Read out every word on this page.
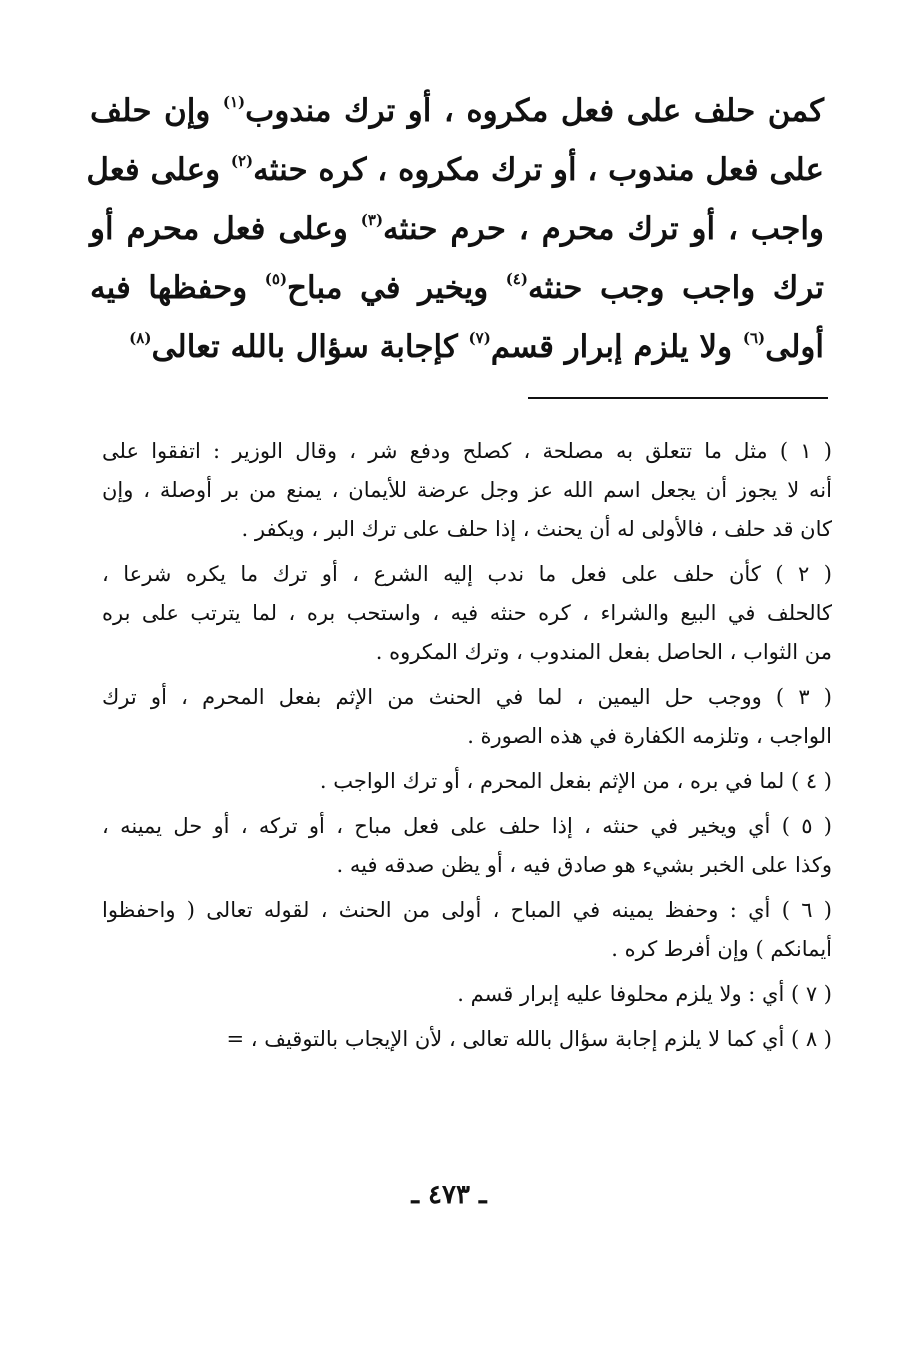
كمن حلف على فعل مكروه ، أو ترك مندوب$^{(١)}$ وإن حلف
على فعل مندوب ، أو ترك مكروه ، كره حنثه$^{(٢)}$ وعلى فعل
واجب ، أو ترك محرم ، حرم حنثه$^{(٣)}$ وعلى فعل محرم أو
ترك واجب وجب حنثه$^{(٤)}$ ويخير في مباح$^{(٥)}$ وحفظها فيه
أولى$^{(٦)}$ ولا يلزم إبرار قسم$^{(٧)}$ كإجابة سؤال بالله تعالى$^{(٨)}$
( ١ ) مثل ما تتعلق به مصلحة ، كصلح ودفع شر ، وقال الوزير : اتفقوا على
أنه لا يجوز أن يجعل اسم الله عز وجل عرضة للأيمان ، يمنع من بر أوصلة ، وإن
كان قد حلف ، فالأولى له أن يحنث ، إذا حلف على ترك البر ، ويكفر .
( ٢ ) كأن حلف على فعل ما ندب إليه الشرع ، أو ترك ما يكره شرعا ،
كالحلف في البيع والشراء ، كره حنثه فيه ، واستحب بره ، لما يترتب على بره
من الثواب ، الحاصل بفعل المندوب ، وترك المكروه .
( ٣ ) ووجب حل اليمين ، لما في الحنث من الإثم بفعل المحرم ، أو ترك
الواجب ، وتلزمه الكفارة في هذه الصورة .
( ٤ ) لما في بره ، من الإثم بفعل المحرم ، أو ترك الواجب .
( ٥ ) أي ويخير في حنثه ، إذا حلف على فعل مباح ، أو تركه ، أو حل يمينه ،
وكذا على الخبر بشيء هو صادق فيه ، أو يظن صدقه فيه .
( ٦ ) أي : وحفظ يمينه في المباح ، أولى من الحنث ، لقوله تعالى ( واحفظوا
أيمانكم ) وإن أفرط كره .
( ٧ ) أي : ولا يلزم محلوفا عليه إبرار قسم .
( ٨ ) أي كما لا يلزم إجابة سؤال بالله تعالى ، لأن الإيجاب بالتوقيف ، =
ـ ٤٧٣ ـ
